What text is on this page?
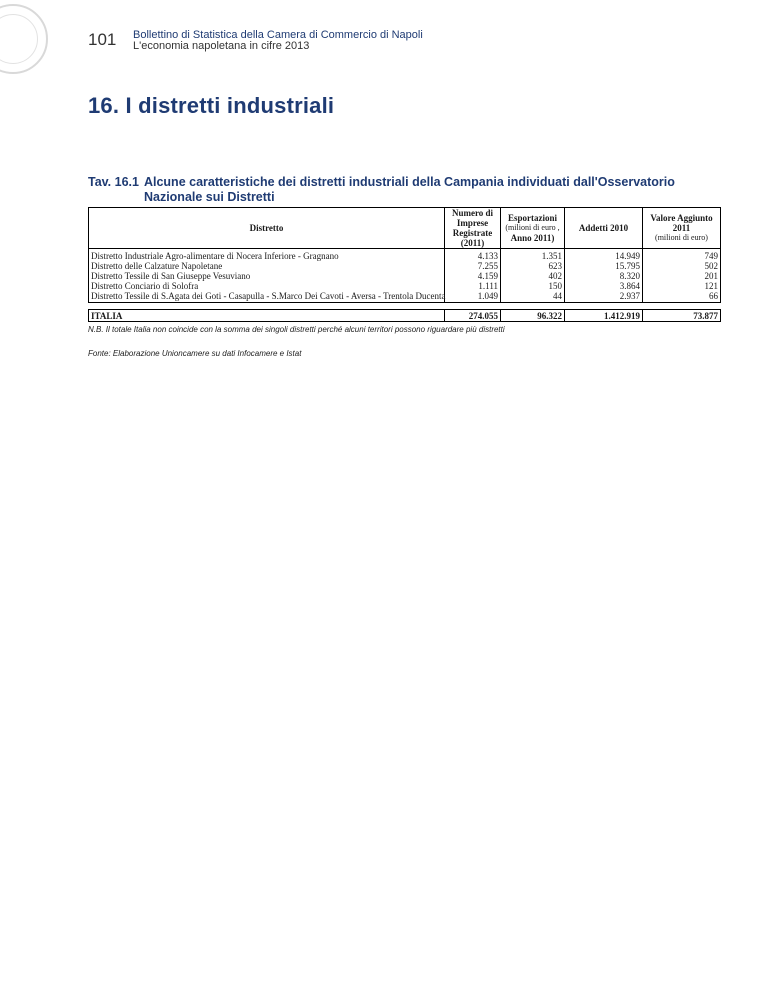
101 Bollettino di Statistica della Camera di Commercio di Napoli
L'economia napoletana in cifre 2013
16. I distretti industriali
Tav. 16.1 Alcune caratteristiche dei distretti industriali della Campania individuati dall'Osservatorio Nazionale sui Distretti
Distretto	Numero di Imprese Registrate (2011)	Esportazioni
(milioni di euro ,
Anno 2011)	Addetti 2010	Valore Aggiunto 2011
(milioni di euro)

Distretto Industriale Agro-alimentare di Nocera Inferiore - Gragnano	4.133	1.351	14.949	749
Distretto delle Calzature Napoletane	7.255	623	15.795	502
Distretto Tessile di San Giuseppe Vesuviano	4.159	402	8.320	201
Distretto Conciario di Solofra	1.111	150	3.864	121
Distretto Tessile di S.Agata dei Goti - Casapulla - S.Marco Dei Cavoti - Aversa - Trentola Ducenta	1.049	44	2.937	66

ITALIA	274.055	96.322	1.412.919	73.877
N.B. Il totale Italia non coincide con la somma dei singoli distretti perché alcuni territori possono riguardare più distretti
Fonte: Elaborazione Unioncamere su dati Infocamere e Istat
